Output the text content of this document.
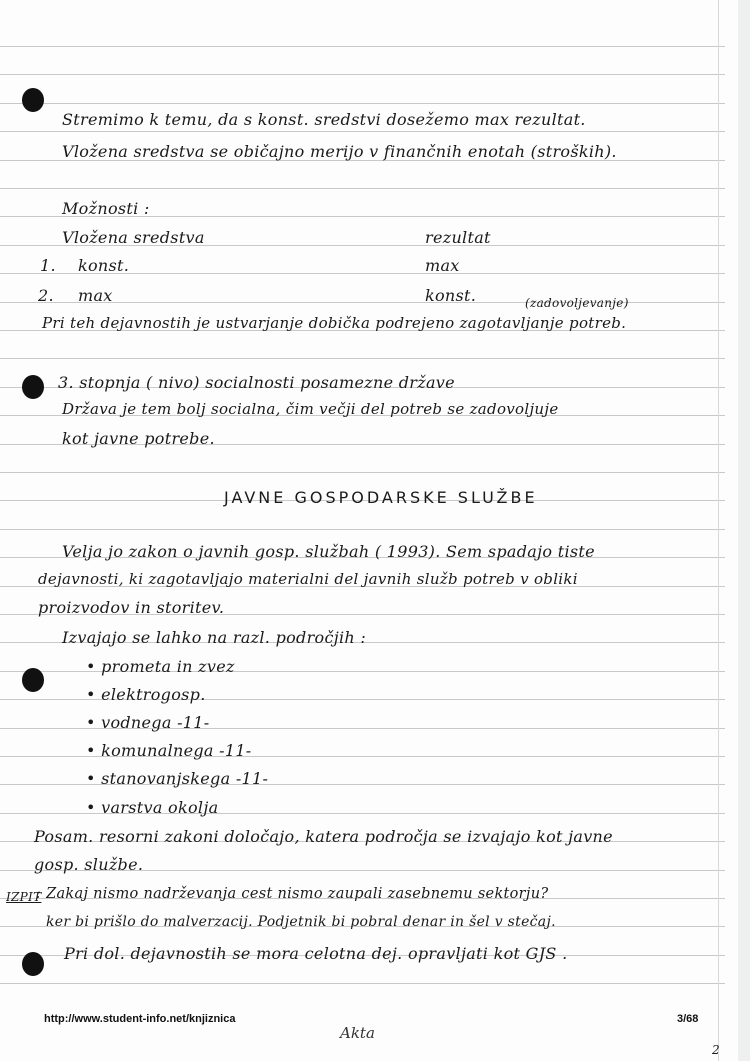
Stremimo k temu, da s konst. sredstvi dosežemo max rezultat.
Vložena sredstva se običajno merijo v finančnih enotah (stroških).
Možnosti :
Vložena sredstva	rezultat
1. konst.	max
2. max	konst.	(zadovoljevanje)
Pri teh dejavnostih je ustvarjanje dobička podrejeno zagotavljanje potreb.
3. stopnja ( nivo) socialnosti posamezne države
Država je tem bolj socialna, čim večji del potreb se zadovoljuje
kot javne potrebe.
JAVNE GOSPODARSKE SLUŽBE
Velja jo zakon o javnih gosp. službah ( 1993). Sem spadajo tiste
dejavnosti, ki zagotavljajo materialni del javnih služb potreb v obliki
proizvodov in storitev.
Izvajajo se lahko na razl. področjih :
• prometa in zvez
• elektrogosp.
• vodnega -11-
• komunalnega -11-
• stanovanjskega -11-
• varstva okolja
Posam. resorni zakoni določajo, katera področja se izvajajo kot javne
gosp. službe.
IZPIT
: Zakaj nismo nadrževanja cest nismo zaupali zasebnemu sektorju?
ker bi prišlo do malverzacij. Podjetnik bi pobral denar in šel v stečaj.
Pri dol. dejavnostih se mora celotna dej. opravljati kot GJS .
http://www.student-info.net/knjiznica	3/68
Akta
2
